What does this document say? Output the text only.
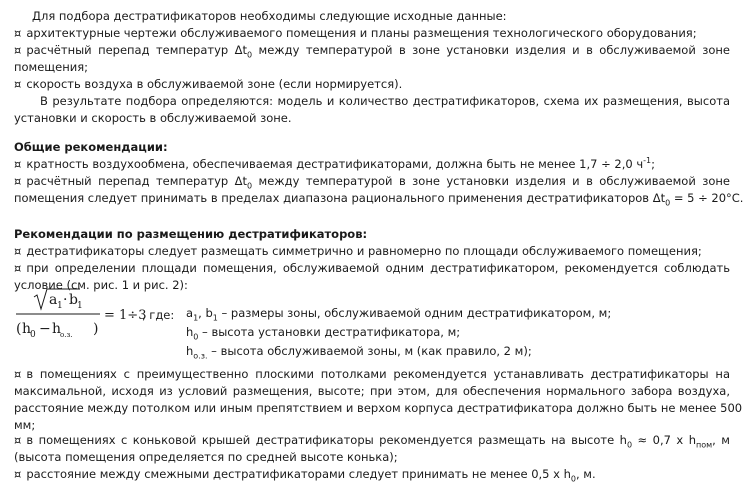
Для подбора дестратификаторов необходимы следующие исходные данные:
¤ архитектурные чертежи обслуживаемого помещения и планы размещения технологического оборудования;
¤ расчётный перепад температур $\Delta t_0$ между температурой в зоне установки изделия и в обслуживаемой зоне
помещения;
¤ скорость воздуха в обслуживаемой зоне (если нормируется).
В результате подбора определяются: модель и количество дестратификаторов, схема их размещения, высота
установки и скорость в обслуживаемой зоне.
Общие рекомендации:
¤ кратность воздухообмена, обеспечиваемая дестратификаторами, должна быть не менее 1,7 ÷ 2,0 $ч^{-1}$;
¤ расчётный перепад температур $\Delta t_0$ между температурой в зоне установки изделия и в обслуживаемой зоне
помещения следует принимать в пределах диапазона рационального применения дестратификаторов $\Delta t_0 = 5 \div 20^\circ С$.
Рекомендации по размещению дестратификаторов:
¤ дестратификаторы следует размещать симметрично и равномерно по площади обслуживаемого помещения;
¤ при определении площади помещения, обслуживаемой одним дестратификатором, рекомендуется соблюдать
условие (см. рис. 1 и рис. 2):
a 1 · b 1
( h
0 − h
о.з. )
= 1÷3
, где: $a_1$, $b_1$ – размеры зоны, обслуживаемой одним дестратификатором, м;
$h_0$ – высота установки дестратификатора, м;
$h_{о.з.}$ – высота обслуживаемой зоны, м (как правило, 2 м);
¤ в помещениях с преимущественно плоскими потолками рекомендуется устанавливать дестратификаторы на
максимальной, исходя из условий размещения, высоте; при этом, для обеспечения нормального забора воздуха,
расстояние между потолком или иным препятствием и верхом корпуса дестратификатора должно быть не менее 500
мм;
¤ в помещениях с коньковой крышей дестратификаторы рекомендуется размещать на высоте $h_0 \approx 0,7$ x $h_{пом}$, м
(высота помещения определяется по средней высоте конька);
¤ расстояние между смежными дестратификаторами следует принимать не менее 0,5 x $h_0$, м.
